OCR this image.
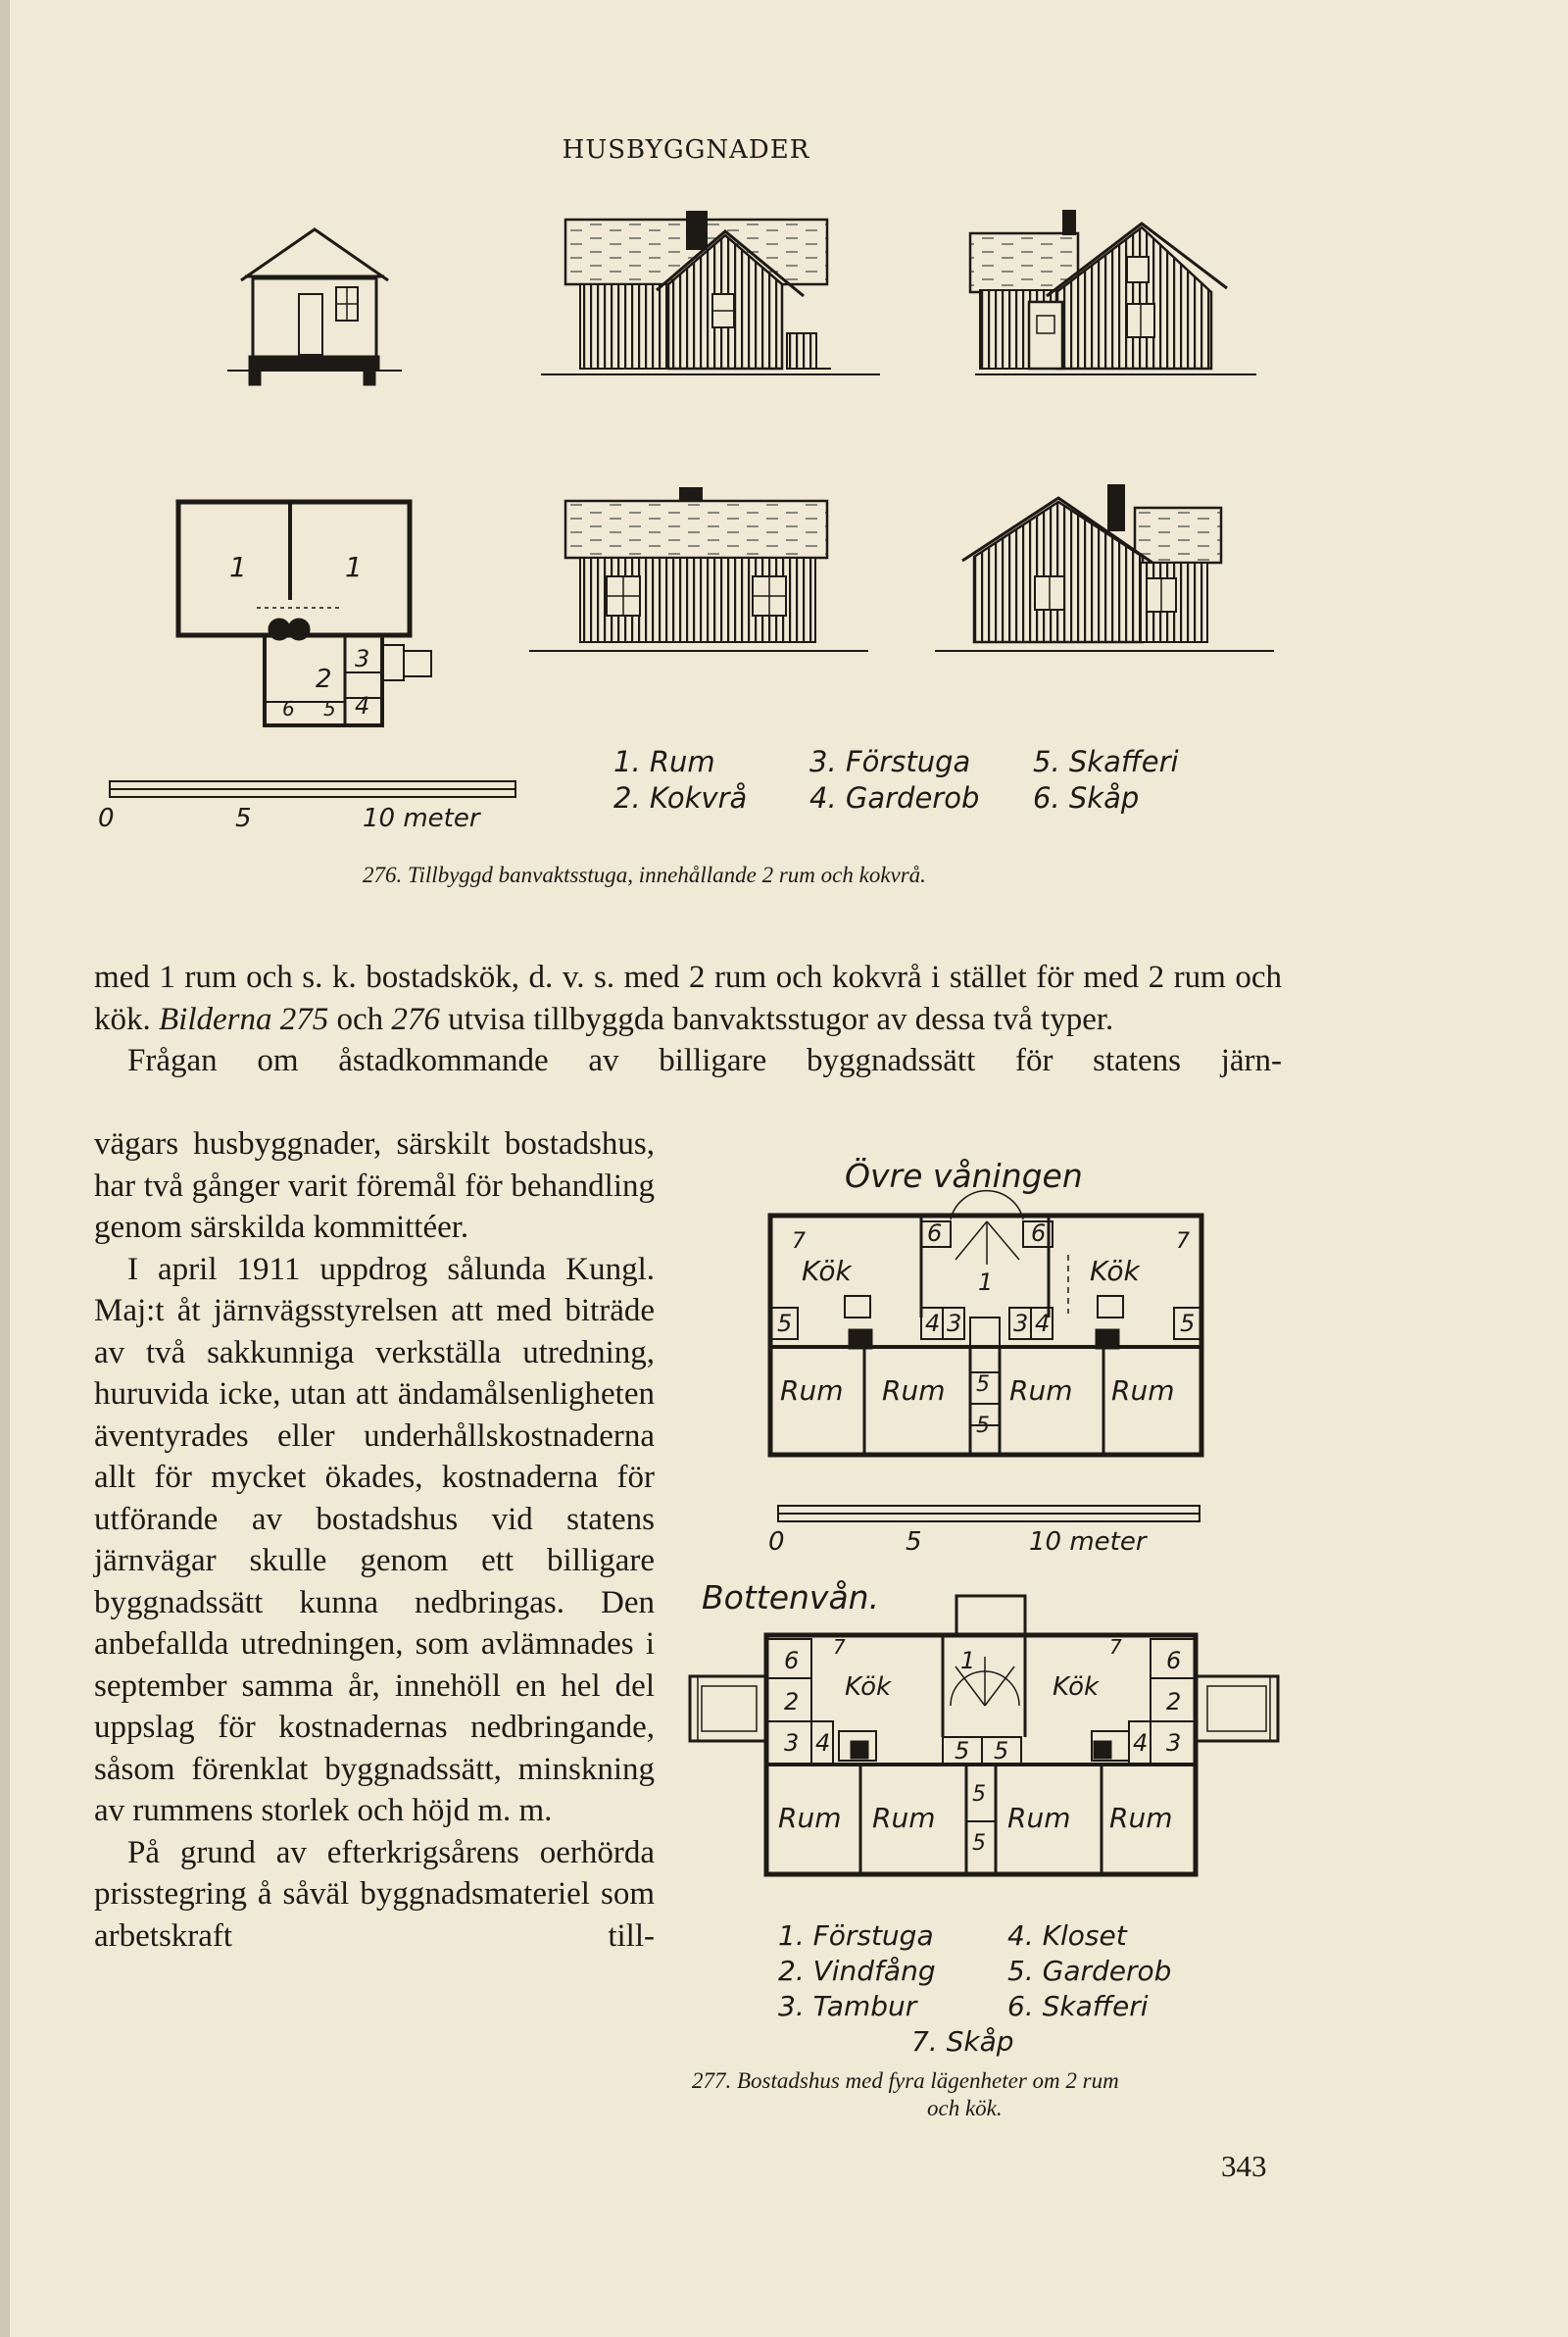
HUSBYGGNADER
1	1
2
3
4
6 5
0	5	10 meter
1. Rum	3. Förstuga 5. Skafferi
2. Kokvrå 4. Garderob 6. Skåp
276. Tillbyggd banvaktsstuga, innehållande 2 rum och kokvrå.

med 1 rum och s. k. bostadskök, d. v. s. med 2 rum och kokvrå i stället för med 2 rum och kök. Bilderna 275 och 276 utvisa tillbyggda banvaktsstugor av dessa två typer.

Frågan om åstadkommande av billigare byggnadssätt för statens järn-

vägars husbyggnader, särskilt bostadshus, har två gånger varit föremål för behandling genom särskilda kommittéer.

I april 1911 uppdrog sålunda Kungl. Maj:t åt järnvägsstyrelsen att med biträde av två sakkunniga verkställa utredning, huruvida icke, utan att ändamålsenligheten äventyrades eller underhållskostnaderna allt för mycket ökades, kostnaderna för utförande av bostadshus vid statens järnvägar skulle genom ett billigare byggnadssätt kunna nedbringas. Den anbefallda utredningen, som avlämnades i september samma år, innehöll en hel del uppslag för kostnadernas nedbringande, såsom förenklat byggnadssätt, minskning av rummens storlek och höjd m. m.

På grund av efterkrigsårens oerhörda prisstegring å såväl byggnadsmateriel som arbetskraft till-

Övre våningen
Kök	Kök
Rum Rum Rum Rum
7	6	6	7
1
5	4 3 3 4	5
5
5
0	5	10 meter
Bottenvån.
Kök	Kök
Rum Rum	Rum Rum
6 7
2
1	7 6
2
3 4	5 5	4 3
5
5
1. Förstuga	4. Kloset
2. Vindfång	5. Garderob
3. Tambur	6. Skafferi
7. Skåp
277. Bostadshus med fyra lägenheter om 2 rum
och kök.
343
